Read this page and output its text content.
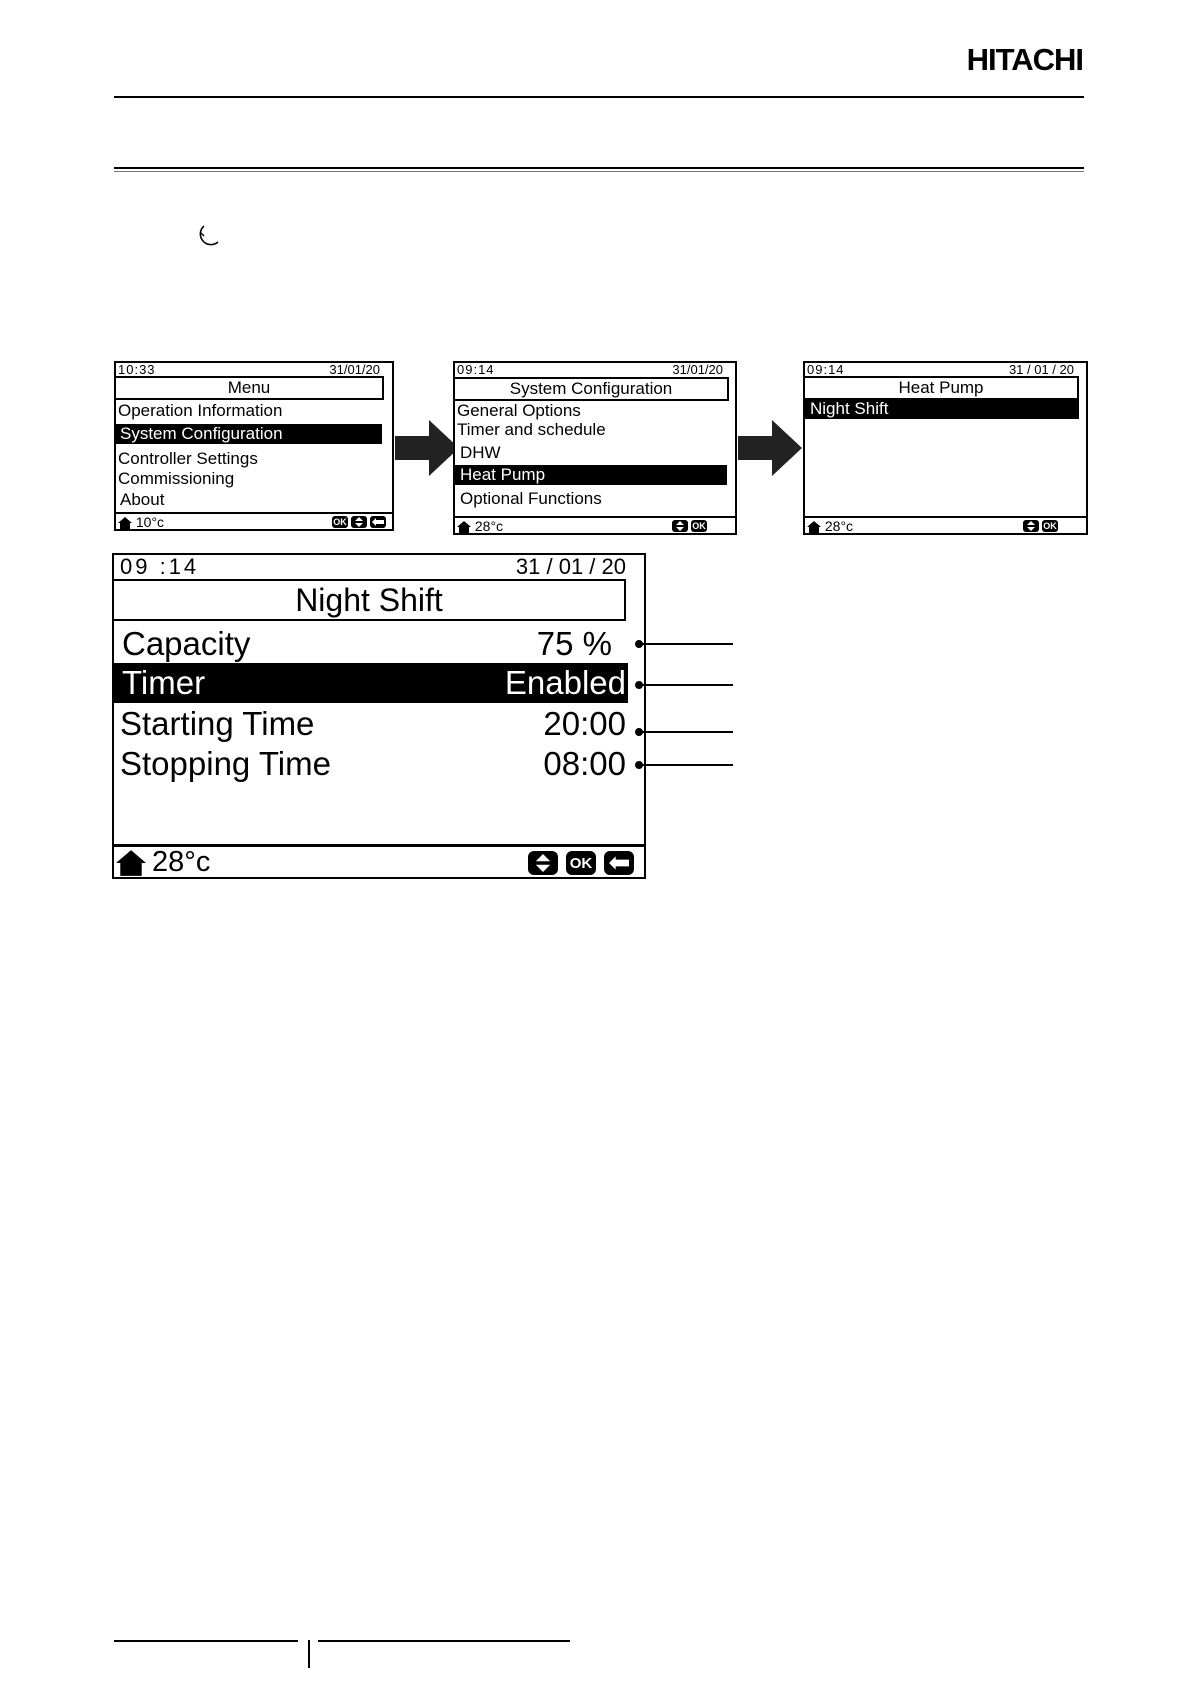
HITACHI
10:33	31/01/20
Menu
Operation Information
System Configuration
Controller Settings
Commissioning
About
10°c	OK
09:14	31/01/20
System Configuration
General Options
Timer and schedule
DHW
Heat Pump
Optional Functions
28°c	OK
09:14	31 / 01 / 20
Heat Pump
Night Shift
28°c	OK
09 :14	31 / 01 / 20
Night Shift
Capacity	75 %
Timer	Enabled
Starting Time	20:00
Stopping Time	08:00
28°c	OK
